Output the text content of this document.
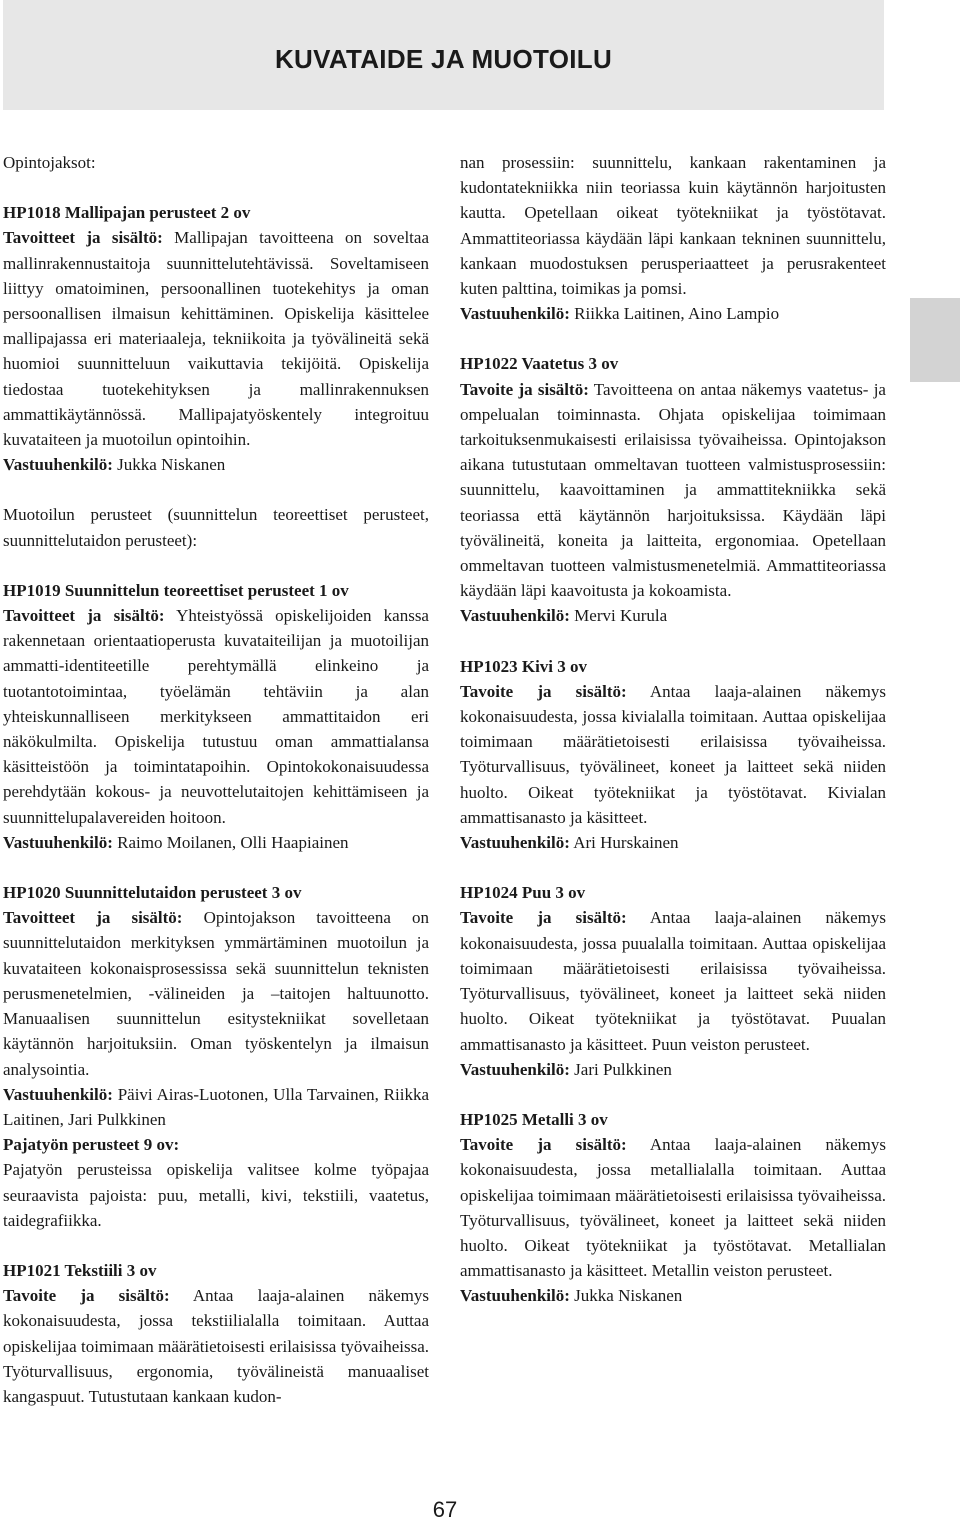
KUVATAIDE JA MUOTOILU

Opintojaksot:

HP1018 Mallipajan perusteet 2 ov

Tavoitteet ja sisältö: Mallipajan tavoitteena on soveltaa mallinrakennustaitoja suunnittelutehtävissä. Soveltamiseen liittyy omatoiminen, persoonallinen tuotekehitys ja oman persoonallisen ilmaisun kehittäminen. Opiskelija käsittelee mallipajassa eri materiaaleja, tekniikoita ja työvälineitä sekä huomioi suunnitteluun vaikuttavia tekijöitä. Opiskelija tiedostaa tuotekehityksen ja mallinrakennuksen ammattikäytännössä. Mallipajatyöskentely integroituu kuvataiteen ja muotoilun opintoihin.

Vastuuhenkilö: Jukka Niskanen

Muotoilun perusteet (suunnittelun teoreettiset perusteet, suunnittelutaidon perusteet):

HP1019 Suunnittelun teoreettiset perusteet 1 ov

Tavoitteet ja sisältö: Yhteistyössä opiskelijoiden kanssa rakennetaan orientaatioperusta kuvataiteilijan ja muotoilijan ammatti-identiteetille perehtymällä elinkeino ja tuotantotoimintaa, työelämän tehtäviin ja alan yhteiskunnalliseen merkitykseen ammattitaidon eri näkökulmilta. Opiskelija tutustuu oman ammattialansa käsitteistöön ja toimintatapoihin. Opintokokonaisuudessa perehdytään kokous- ja neuvottelutaitojen kehittämiseen ja suunnittelupalavereiden hoitoon.

Vastuuhenkilö: Raimo Moilanen, Olli Haapiainen

HP1020 Suunnittelutaidon perusteet 3 ov

Tavoitteet ja sisältö: Opintojakson tavoitteena on suunnittelutaidon merkityksen ymmärtäminen muotoilun ja kuvataiteen kokonaisprosessissa sekä suunnittelun teknisten perusmenetelmien, -välineiden ja –taitojen haltuunotto. Manuaalisen suunnittelun esitystekniikat sovelletaan käytännön harjoituksiin. Oman työskentelyn ja ilmaisun analysointia.

Vastuuhenkilö: Päivi Airas-Luotonen, Ulla Tarvainen, Riikka Laitinen, Jari Pulkkinen

Pajatyön perusteet 9 ov:

Pajatyön perusteissa opiskelija valitsee kolme työpajaa seuraavista pajoista: puu, metalli, kivi, tekstiili, vaatetus, taidegrafiikka.

HP1021 Tekstiili 3 ov

Tavoite ja sisältö: Antaa laaja-alainen näkemys kokonaisuudesta, jossa tekstiilialalla toimitaan. Auttaa opiskelijaa toimimaan määrätietoisesti erilaisissa työvaiheissa. Työturvallisuus, ergonomia, työvälineistä manuaaliset kangaspuut. Tutustutaan kankaan kudon-

nan prosessiin: suunnittelu, kankaan rakentaminen ja kudontatekniikka niin teoriassa kuin käytännön harjoitusten kautta. Opetellaan oikeat työtekniikat ja työstötavat. Ammattiteoriassa käydään läpi kankaan tekninen suunnittelu, kankaan muodostuksen perusperiaatteet ja perusrakenteet kuten palttina, toimikas ja pomsi.

Vastuuhenkilö: Riikka Laitinen, Aino Lampio

HP1022 Vaatetus 3 ov

Tavoite ja sisältö: Tavoitteena on antaa näkemys vaatetus- ja ompelualan toiminnasta. Ohjata opiskelijaa toimimaan tarkoituksenmukaisesti erilaisissa työvaiheissa. Opintojakson aikana tutustutaan ommeltavan tuotteen valmistusprosessiin: suunnittelu, kaavoittaminen ja ammattitekniikka sekä teoriassa että käytännön harjoituksissa. Käydään läpi työvälineitä, koneita ja laitteita, ergonomiaa. Opetellaan ommeltavan tuotteen valmistusmenetelmiä. Ammattiteoriassa käydään läpi kaavoitusta ja kokoamista.

Vastuuhenkilö: Mervi Kurula

HP1023 Kivi 3 ov

Tavoite ja sisältö: Antaa laaja-alainen näkemys kokonaisuudesta, jossa kivialalla toimitaan. Auttaa opiskelijaa toimimaan määrätietoisesti erilaisissa työvaiheissa. Työturvallisuus, työvälineet, koneet ja laitteet sekä niiden huolto. Oikeat työtekniikat ja työstötavat. Kivialan ammattisanasto ja käsitteet.

Vastuuhenkilö: Ari Hurskainen

HP1024 Puu 3 ov

Tavoite ja sisältö: Antaa laaja-alainen näkemys kokonaisuudesta, jossa puualalla toimitaan. Auttaa opiskelijaa toimimaan määrätietoisesti erilaisissa työvaiheissa. Työturvallisuus, työvälineet, koneet ja laitteet sekä niiden huolto. Oikeat työtekniikat ja työstötavat. Puualan ammattisanasto ja käsitteet. Puun veiston perusteet.

Vastuuhenkilö: Jari Pulkkinen

HP1025 Metalli 3 ov

Tavoite ja sisältö: Antaa laaja-alainen näkemys kokonaisuudesta, jossa metallialalla toimitaan. Auttaa opiskelijaa toimimaan määrätietoisesti erilaisissa työvaiheissa. Työturvallisuus, työvälineet, koneet ja laitteet sekä niiden huolto. Oikeat työtekniikat ja työstötavat. Metallialan ammattisanasto ja käsitteet. Metallin veiston perusteet.

Vastuuhenkilö: Jukka Niskanen

67
